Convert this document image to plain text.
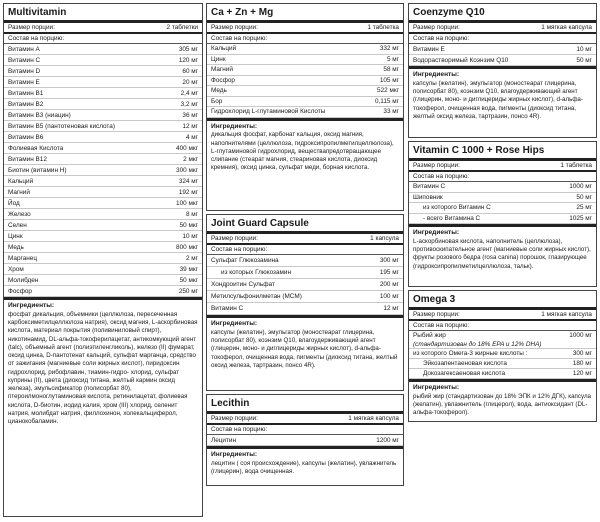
Multivitamin
Размер порции:	2 таблетки
Состав на порцию:
Витамин A	305 мг
Витамин C	120 мг
Витамин D	60 мг
Витамин E	20 мг
Витамин B1	2,4 мг
Витамин B2	3,2 мг
Витамин B3 (ниацин)	36 мг
Витамин B5 (пантотеновая кислота)	12 мг
Витамин B6	4 мг
Фолиевая Кислота	400 мкг
Витамин B12	2 мкг
Биотин (витамин H)	300 мкг
Кальций	324 мг
Магний	192 мг
Йод	100 мкг
Железо	8 мг
Селен	50 мкг
Цинк	10 мг
Медь	800 мкг
Марганец	2 мг
Хром	39 мкг
Молибден	50 мкг
Фосфор	250 мг
Ингредиенты:
фосфат дикальция, объемники (целлюлоза, пересеченная карбоксиметилцеллюлоза натрия), оксид магния, L-аскорбиновая кислота, материал покрытия (поливиниловый спирт), никотинамид, DL-альфа-токоферилацетат, антикомкующий агент (talc), объемный агент (полиэтиленгликоль), железо (II) фумарат, оксид цинка, D-пантотенат кальций, сульфат марганца, средство от зажигания (магниевые соли жирных кислот), пиридоксин гидрохлорид, рибофлавин, тиамин-гидро- хлорид, сульфат куприны (II), цвета (диоксид титана, желтый кармин оксид железа), эмульсификатор (полисорбат 80), птероилмоноглутаминовая кислота, ретинилацетат, фолиевая кислота, D-биотин, иодид калия, хром (III) хлорид, селенит натрия, молибдат натрия, филлохинон, холекальциферол, цианокобаламин.
Ca + Zn + Mg
Размер порции:	1 таблетка
Состав на порцию:
Кальций	332 мг
Цинк	5 мг
Магний	58 мг
Фосфор	105 мг
Медь	522 мкг
Бор	0,115 мг
Гидрохлорид L-глутаминовой Кислоты	33 мг
Ингредиенты:
дикальция фосфат, карбонат кальция, оксид магния, наполнителями (целлюлоза, гидроксипропилметилцеллюлоза), L-глутаминовой гидрохлорид, веществапредотвращающее слипание (стеарат магния, стеариновая кислота, диоксид кремния), оксид цинка, сульфат меди, борная кислота.
Joint Guard Capsule
Размер порции:	1 капсула
Состав на порцию:
Сульфат Глюкозамина	300 мг
из которых Глюкозамин	195 мг
Хондроитин Сульфат	200 мг
Метилсульфонилметан (MCM)	100 мг
Витамин C	12 мг
Ингредиенты:
капсулы (желатин), эмульгатор (моностеарат глицерина, полисорбат 80), коэнзим Q10, влагоудерживающий агент (глицерин, моно- и диглицериды жирных кислот), d-альфа-токоферол, очищенная вода, пигменты (диоксид титана, желтый оксид железа, тартразин, понсо 4R).
Lecithin
Размер порции:	1 мягкая капсула
Состав на порцию:
Лецитин	1200 мг
Ингредиенты:
лецитин ( соя происхождение), капсулы (желатин), увлажнитель (глицерин), вода очищенная.
Coenzyme Q10
Размер порции:	1 мягкая капсула
Состав на порцию:
Витамин E	10 мг
Водорастворимый Коэнзим Q10	50 мг
Ингредиенты:
капсулы (желатин), эмульгатор (моностеарат глицерина, полисорбат 80), коэнзим Q10, влагоудерживающий агент (глицерин, моно- и диглицериды жирных кислот), d-альфа-токоферол, очищенная вода, пигменты (диоксид титана, желтый оксид железа, тартразин, понсо 4R).
Vitamin C 1000 + Rose Hips
Размер порции:	1 таблетка
Состав на порцию:
Витамин C	1000 мг
Шиповник	50 мг
из которого Витамин C	25 мг
- всего Витамина C	1025 мг
Ингредиенты:
L-аскорбиновая кислота, наполнитель (целлюлоза), противоскипательное агент (магниевые соли жирных кислот), фрукты розового бедра (rosa canina) порошок, глазирующее (гидроксипропилметилцеллюлоза, тальк).
Omega 3
Размер порции:	1 мягкая капсула
Состав на порцию:
Рыбий жир	1000 мг
(стандартизован до 18% EPA и 12% DHA)
из которого Омега-3 жирные кислоты :	300 мг
Эйкозапентаеновая кислота	180 мг
Докозагексаеновая кислота	120 мг
Ингредиенты:
рыбий жир (стандартизован до 18% ЭПК и 12% ДГК), капсула (желатин), увлажнитель (глицерол), вода, антиоксидант (DL-альфа-токоферол).
